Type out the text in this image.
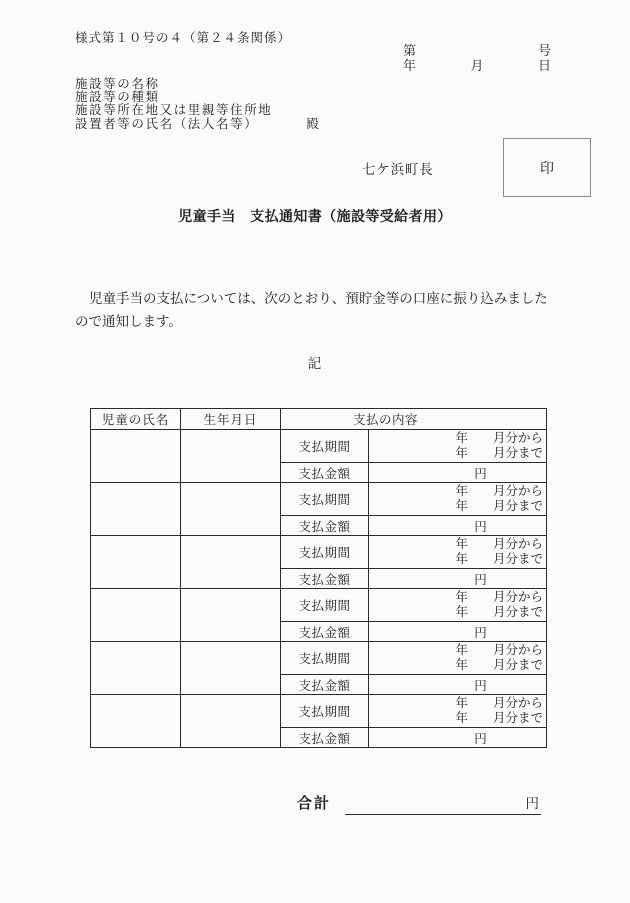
様式第１０号の４（第２４条関係）
第	号
年	月	日
施設等の名称
施設等の種類
施設等所在地又は里親等住所地
設置者等の氏名（法人名等）	殿
七ケ浜町長	印
児童手当　支払通知書（施設等受給者用）
児童手当の支払については、次のとおり、預貯金等の口座に振り込みました
ので通知します。
記
児童の氏名	生年月日	支払の内容	
		支払期間	年　　月分から
年　　月分まで

		支払金額	円
		支払期間	年　　月分から
年　　月分まで

		支払金額	円
		支払期間	年　　月分から
年　　月分まで

		支払金額	円
		支払期間	年　　月分から
年　　月分まで

		支払金額	円
		支払期間	年　　月分から
年　　月分まで

		支払金額	円
		支払期間	年　　月分から
年　　月分まで

		支払金額	円
合計	円
